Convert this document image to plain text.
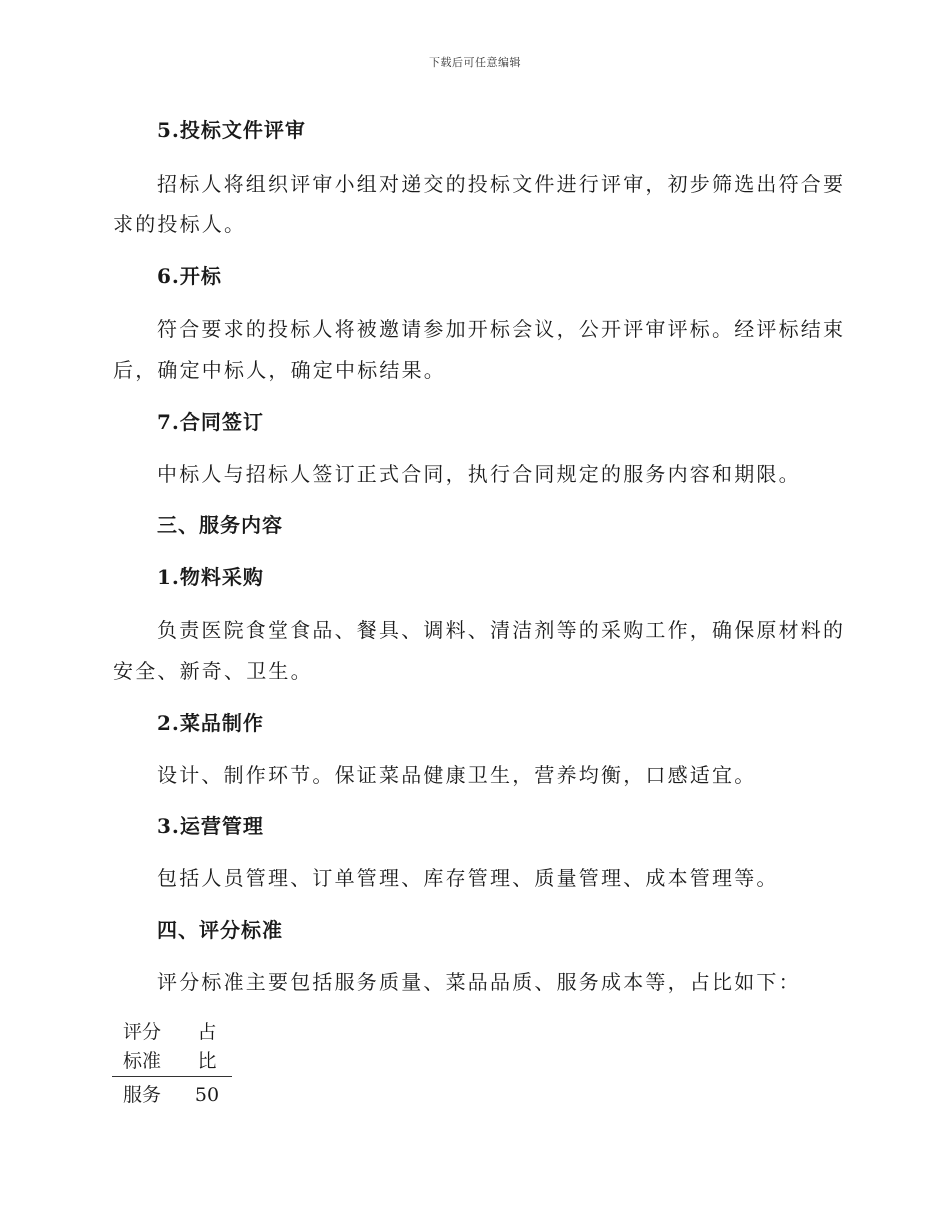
下载后可任意编辑
5.投标文件评审
招标人将组织评审小组对递交的投标文件进行评审，初步筛选出符合要
求的投标人。
6.开标
符合要求的投标人将被邀请参加开标会议，公开评审评标。经评标结束
后，确定中标人，确定中标结果。
7.合同签订
中标人与招标人签订正式合同，执行合同规定的服务内容和期限。
三、服务内容
1.物料采购
负责医院食堂食品、餐具、调料、清洁剂等的采购工作，确保原材料的
安全、新奇、卫生。
2.菜品制作
设计、制作环节。保证菜品健康卫生，营养均衡，口感适宜。
3.运营管理
包括人员管理、订单管理、库存管理、质量管理、成本管理等。
四、评分标准
评分标准主要包括服务质量、菜品品质、服务成本等，占比如下：
评分
标准
占
比
服务	50
